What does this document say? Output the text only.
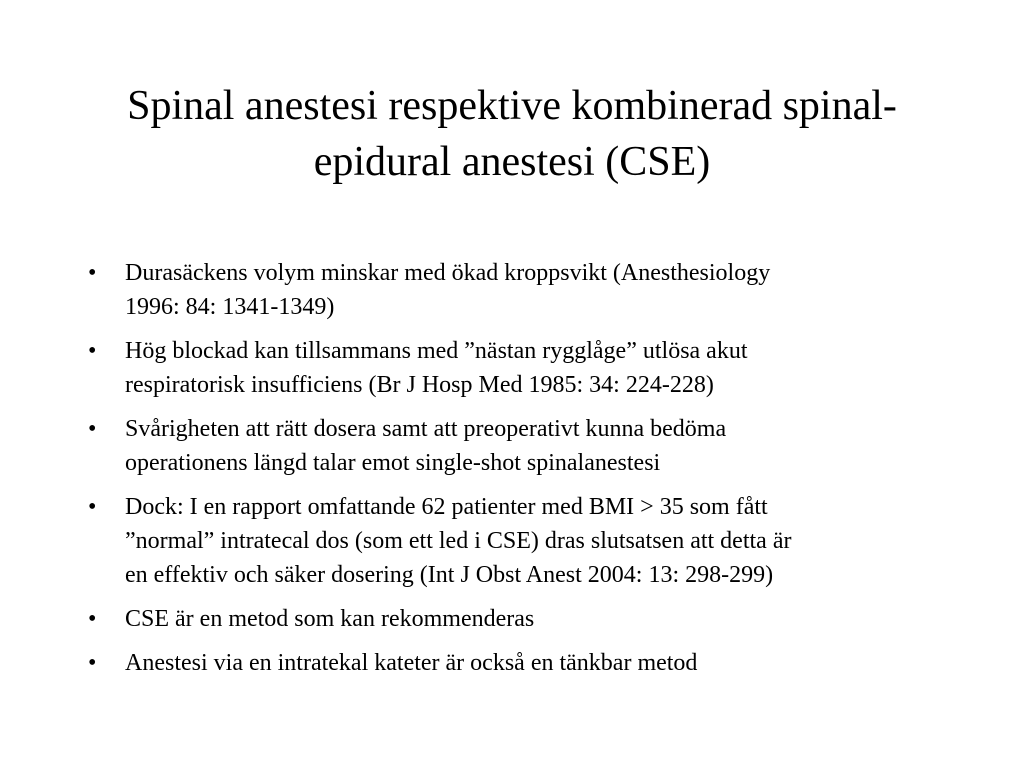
Spinal anestesi respektive kombinerad spinal-
epidural anestesi (CSE)
•	Durasäckens volym minskar med ökad kroppsvikt (Anesthesiology
1996: 84: 1341-1349)
•	Hög blockad kan tillsammans med ”nästan rygglåge” utlösa akut
respiratorisk insufficiens (Br J Hosp Med 1985: 34: 224-228)
•	Svårigheten att rätt dosera samt att preoperativt kunna bedöma
operationens längd talar emot single-shot spinalanestesi
•	Dock: I en rapport omfattande 62 patienter med BMI > 35 som fått
”normal” intratecal dos (som ett led i CSE) dras slutsatsen att detta är
en effektiv och säker dosering (Int J Obst Anest 2004: 13: 298-299)
•	CSE är en metod som kan rekommenderas
•	Anestesi via en intratekal kateter är också en tänkbar metod
